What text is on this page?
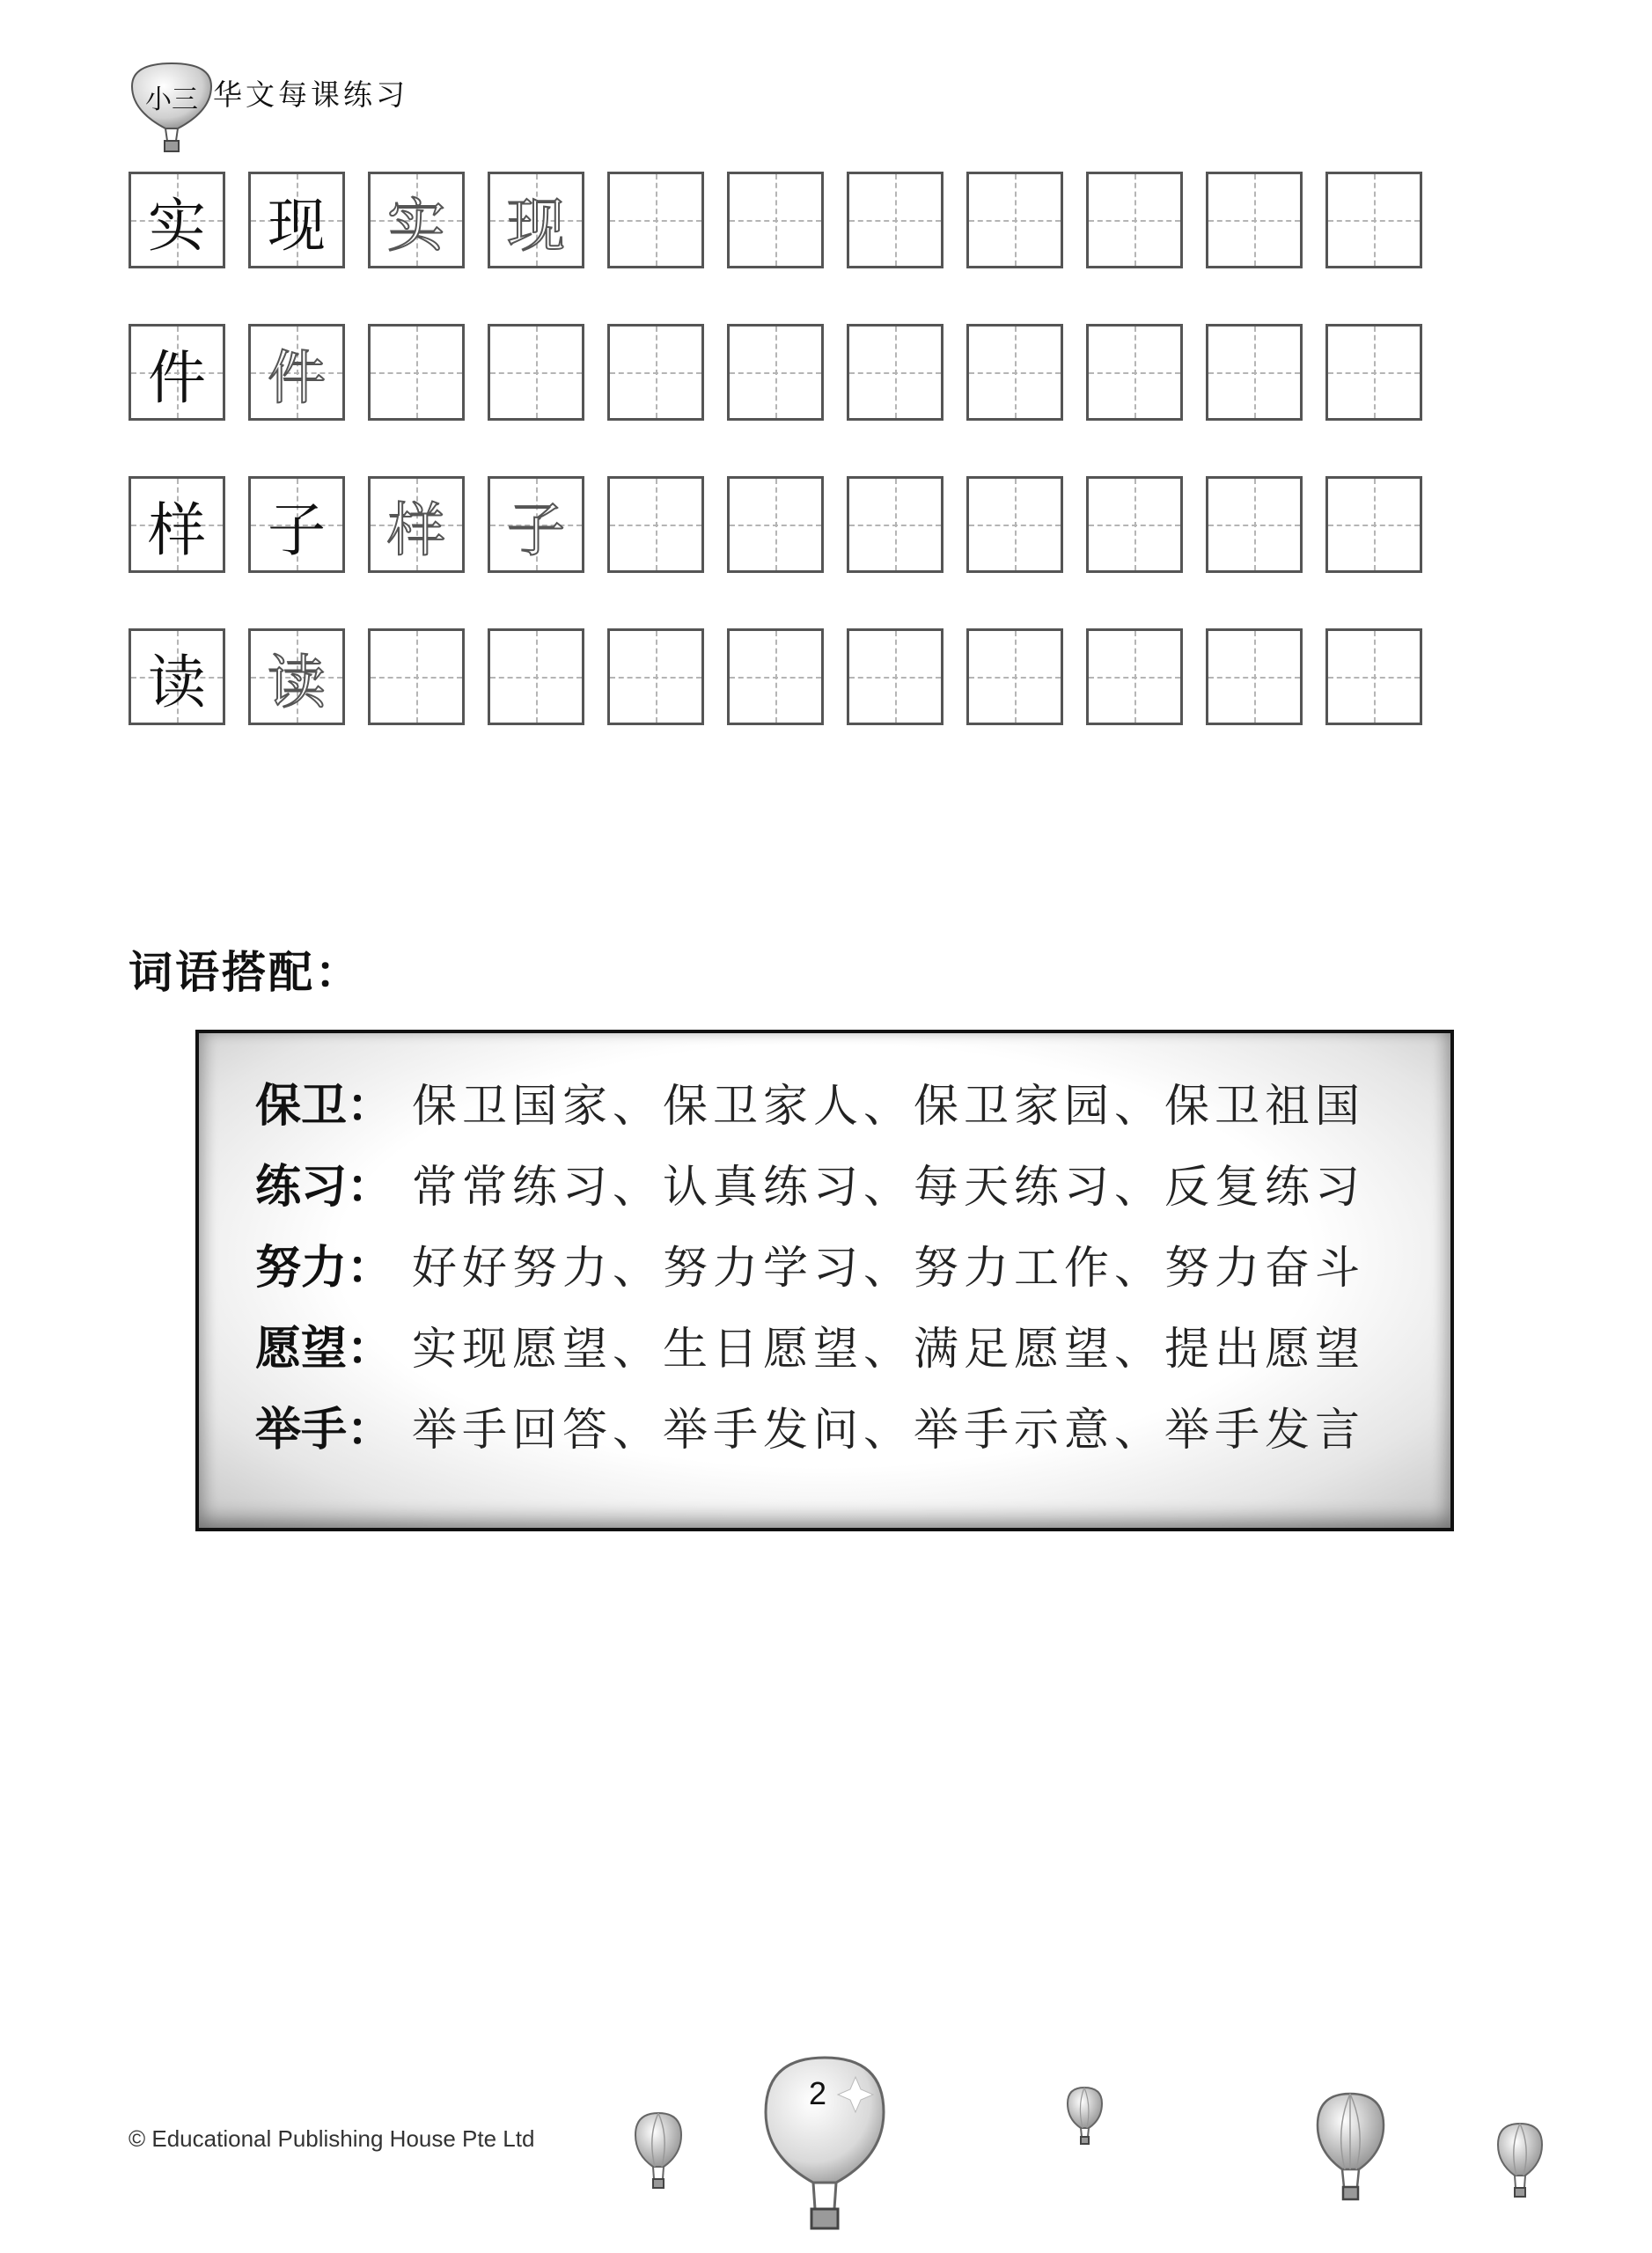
小三 华文每课练习
实 现 实 现
件 件
样 子 样 子
读 读
词语搭配：
保卫： 保卫国家、保卫家人、保卫家园、保卫祖国
练习： 常常练习、认真练习、每天练习、反复练习
努力： 好好努力、努力学习、努力工作、努力奋斗
愿望： 实现愿望、生日愿望、满足愿望、提出愿望
举手： 举手回答、举手发问、举手示意、举手发言
© Educational Publishing House Pte Ltd
2
